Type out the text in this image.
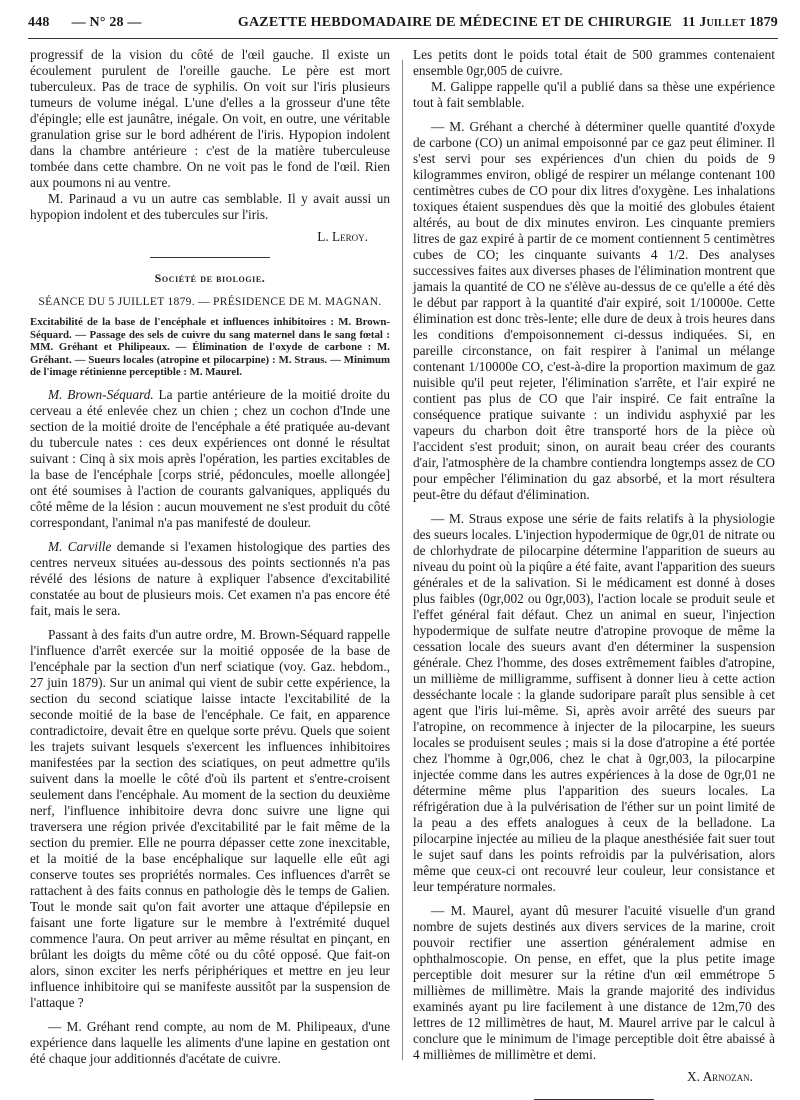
448 — N° 28 —	GAZETTE HEBDOMADAIRE DE MÉDECINE ET DE CHIRURGIE 11 Juillet 1879

progressif de la vision du côté de l'œil gauche. Il existe un écoulement purulent de l'oreille gauche. Le père est mort tuberculeux. Pas de trace de syphilis. On voit sur l'iris plusieurs tumeurs de volume inégal. L'une d'elles a la grosseur d'une tête d'épingle; elle est jaunâtre, inégale. On voit, en outre, une véritable granulation grise sur le bord adhérent de l'iris. Hypopion indolent dans la chambre antérieure : c'est de la matière tuberculeuse tombée dans cette chambre. On ne voit pas le fond de l'œil. Rien aux poumons ni au ventre.

M. Parinaud a vu un autre cas semblable. Il y avait aussi un hypopion indolent et des tubercules sur l'iris.

L. Leroy.
Société de biologie.
SÉANCE DU 5 JUILLET 1879. — PRÉSIDENCE DE M. MAGNAN.
Excitabilité de la base de l'encéphale et influences inhibitoires : M. Brown-Séquard. — Passage des sels de cuivre du sang maternel dans le sang fœtal : MM. Gréhant et Philipeaux. — Élimination de l'oxyde de carbone : M. Gréhant. — Sueurs locales (atropine et pilocarpine) : M. Straus. — Minimum de l'image rétinienne perceptible : M. Maurel.

M. Brown-Séquard. La partie antérieure de la moitié droite du cerveau a été enlevée chez un chien ; chez un cochon d'Inde une section de la moitié droite de l'encéphale a été pratiquée au-devant du tubercule nates : ces deux expériences ont donné le résultat suivant : Cinq à six mois après l'opération, les parties excitables de la base de l'encéphale [corps strié, pédoncules, moelle allongée] ont été soumises à l'action de courants galvaniques, appliqués du côté même de la lésion : aucun mouvement ne s'est produit du côté correspondant, l'animal n'a pas manifesté de douleur.

M. Carville demande si l'examen histologique des parties des centres nerveux situées au-dessous des points sectionnés n'a pas révélé des lésions de nature à expliquer l'absence d'excitabilité constatée au bout de plusieurs mois. Cet examen n'a pas encore été fait, mais le sera.

Passant à des faits d'un autre ordre, M. Brown-Séquard rappelle l'influence d'arrêt exercée sur la moitié opposée de la base de l'encéphale par la section d'un nerf sciatique (voy. Gaz. hebdom., 27 juin 1879). Sur un animal qui vient de subir cette expérience, la section du second sciatique laisse intacte l'excitabilité de la seconde moitié de la base de l'encéphale. Ce fait, en apparence contradictoire, devait être en quelque sorte prévu. Quels que soient les trajets suivant lesquels s'exercent les influences inhibitoires manifestées par la section des sciatiques, on peut admettre qu'ils suivent dans la moelle le côté d'où ils partent et s'entre-croisent seulement dans l'encéphale. Au moment de la section du deuxième nerf, l'influence inhibitoire devra donc suivre une ligne qui traversera une région privée d'excitabilité par le fait même de la section du premier. Elle ne pourra dépasser cette zone inexcitable, et la moitié de la base encéphalique sur laquelle elle eût agi conserve toutes ses propriétés normales. Ces influences d'arrêt se rattachent à des faits connus en pathologie dès le temps de Galien. Tout le monde sait qu'on fait avorter une attaque d'épilepsie en faisant une forte ligature sur le membre à l'extrémité duquel commence l'aura. On peut arriver au même résultat en pinçant, en brûlant les doigts du même côté ou du côté opposé. Que fait-on alors, sinon exciter les nerfs périphériques et mettre en jeu leur influence inhibitoire qui se manifeste aussitôt par la suspension de l'attaque ?

— M. Gréhant rend compte, au nom de M. Philipeaux, d'une expérience dans laquelle les aliments d'une lapine en gestation ont été chaque jour additionnés d'acétate de cuivre.

Les petits dont le poids total était de 500 grammes contenaient ensemble 0gr,005 de cuivre.

M. Galippe rappelle qu'il a publié dans sa thèse une expérience tout à fait semblable.

— M. Gréhant a cherché à déterminer quelle quantité d'oxyde de carbone (CO) un animal empoisonné par ce gaz peut éliminer. Il s'est servi pour ses expériences d'un chien du poids de 9 kilogrammes environ, obligé de respirer un mélange contenant 100 centimètres cubes de CO pour dix litres d'oxygène. Les inhalations toxiques étaient suspendues dès que la moitié des globules étaient altérés, au bout de dix minutes environ. Les cinquante premiers litres de gaz expiré à partir de ce moment contiennent 5 centimètres cubes de CO; les cinquante suivants 4 1/2. Des analyses successives faites aux diverses phases de l'élimination montrent que jamais la quantité de CO ne s'élève au-dessus de ce qu'elle a été dès le début par rapport à la quantité d'air expiré, soit 1/10000e. Cette élimination est donc très-lente; elle dure de deux à trois heures dans les conditions d'empoisonnement ci-dessus indiquées. Si, en pareille circonstance, on fait respirer à l'animal un mélange contenant 1/10000e CO, c'est-à-dire la proportion maximum de gaz nuisible qu'il peut rejeter, l'élimination s'arrête, et l'air expiré ne contient pas plus de CO que l'air inspiré. Ce fait entraîne la conséquence pratique suivante : un individu asphyxié par les vapeurs du charbon doit être transporté hors de la pièce où l'accident s'est produit; sinon, on aurait beau créer des courants d'air, l'atmosphère de la chambre contiendra longtemps assez de CO pour empêcher l'élimination du gaz absorbé, et la mort résultera peut-être du défaut d'élimination.

— M. Straus expose une série de faits relatifs à la physiologie des sueurs locales. L'injection hypodermique de 0gr,01 de nitrate ou de chlorhydrate de pilocarpine détermine l'apparition de sueurs au niveau du point où la piqûre a été faite, avant l'apparition des sueurs générales et de la salivation. Si le médicament est donné à doses plus faibles (0gr,002 ou 0gr,003), l'action locale se produit seule et l'effet général fait défaut. Chez un animal en sueur, l'injection hypodermique de sulfate neutre d'atropine provoque de même la cessation locale des sueurs avant d'en déterminer la suspension générale. Chez l'homme, des doses extrêmement faibles d'atropine, un millième de milligramme, suffisent à donner lieu à cette action desséchante locale : la glande sudoripare paraît plus sensible à cet agent que l'iris lui-même. Si, après avoir arrêté des sueurs par l'atropine, on recommence à injecter de la pilocarpine, les sueurs locales se produisent seules ; mais si la dose d'atropine a été portée chez l'homme à 0gr,006, chez le chat à 0gr,003, la pilocarpine injectée comme dans les autres expériences à la dose de 0gr,01 ne détermine même plus l'apparition des sueurs locales. La réfrigération due à la pulvérisation de l'éther sur un point limité de la peau a des effets analogues à ceux de la belladone. La pilocarpine injectée au milieu de la plaque anesthésiée fait suer tout le sujet sauf dans les points refroidis par la pulvérisation, alors même que ceux-ci ont recouvré leur couleur, leur consistance et leur température normales.

— M. Maurel, ayant dû mesurer l'acuité visuelle d'un grand nombre de sujets destinés aux divers services de la marine, croit pouvoir rectifier une assertion généralement admise en ophthalmoscopie. On pense, en effet, que la plus petite image perceptible doit mesurer sur la rétine d'un œil emmétrope 5 millièmes de millimètre. Mais la grande majorité des individus examinés ayant pu lire facilement à une distance de 12m,70 des lettres de 12 millimètres de haut, M. Maurel arrive par le calcul à conclure que le minimum de l'image perceptible doit être abaissé à 4 millièmes de millimètre et demi.

X. Arnozan.
